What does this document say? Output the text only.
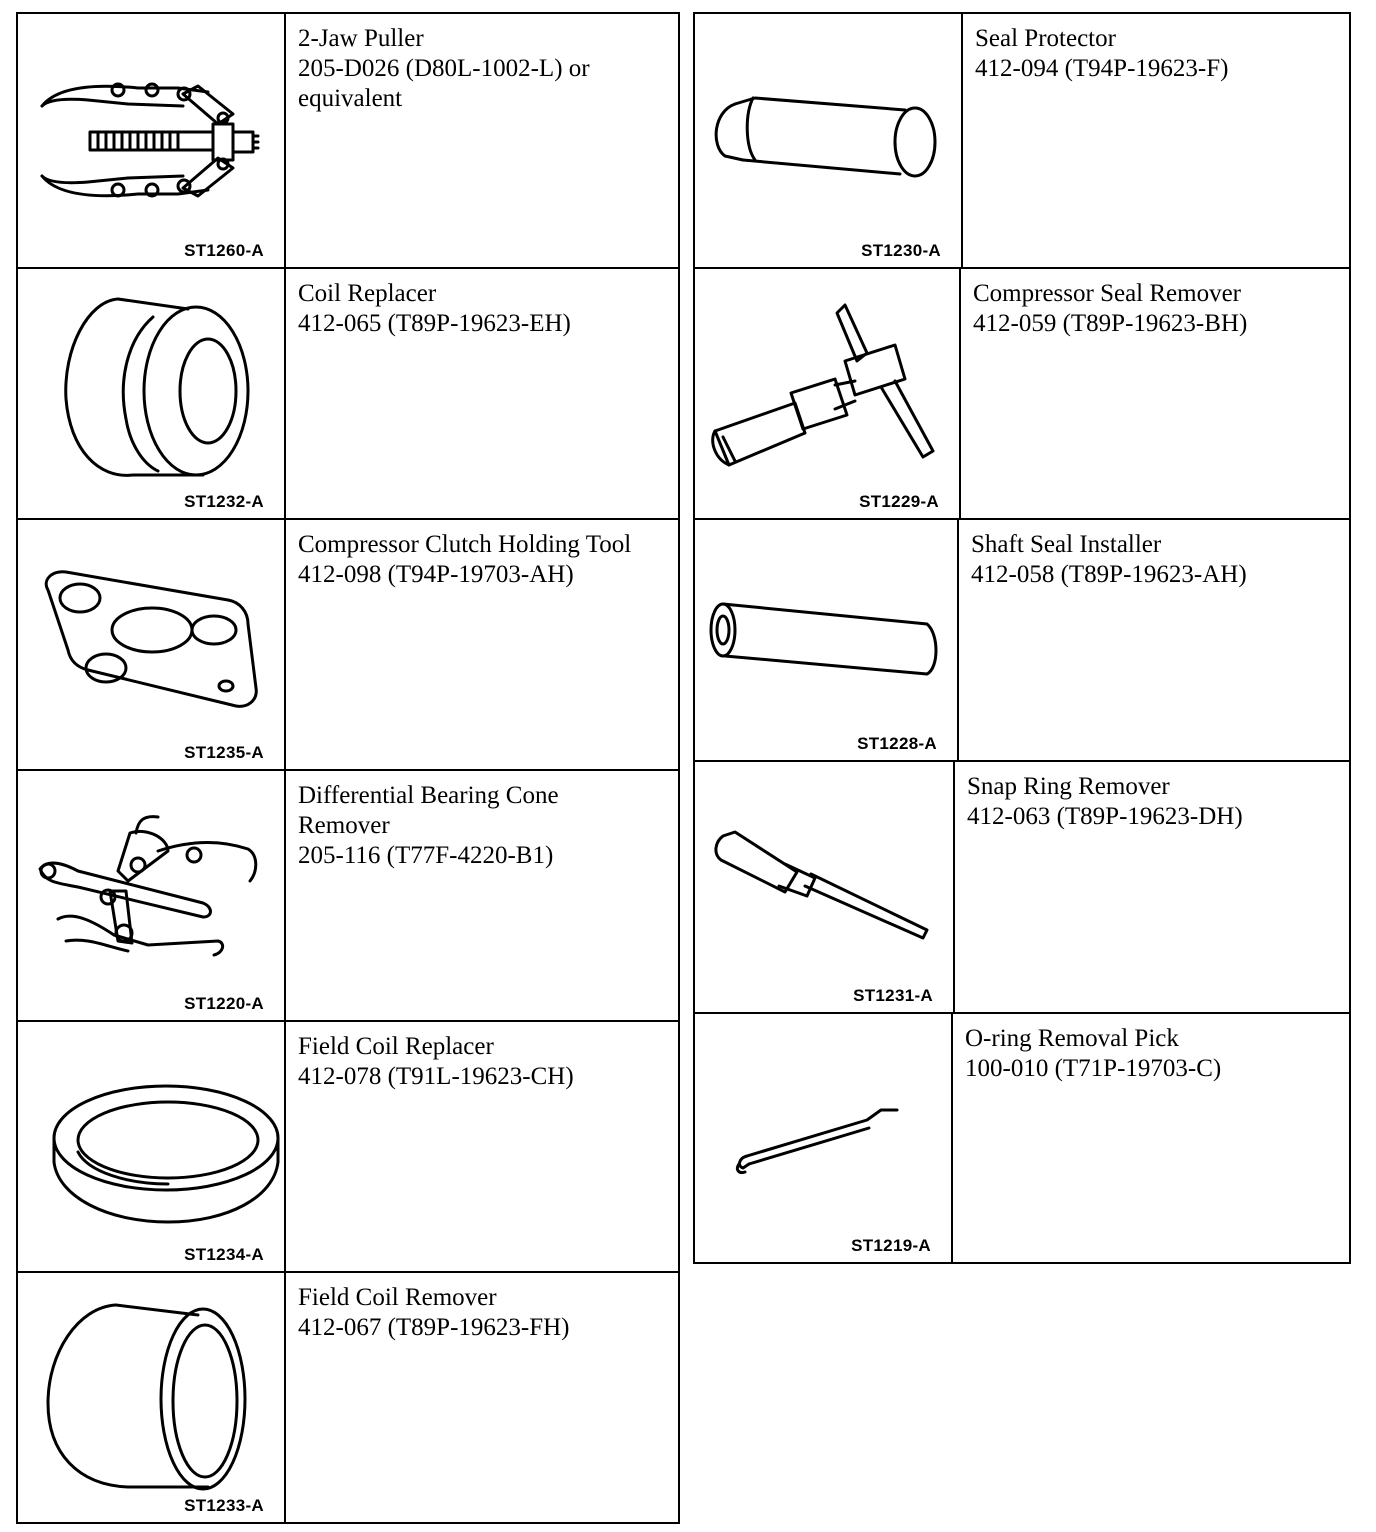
ST1260-A
2-Jaw Puller
205-D026 (D80L-1002-L) or
equivalent
ST1232-A
Coil Replacer
412-065 (T89P-19623-EH)
ST1235-A
Compressor Clutch Holding Tool
412-098 (T94P-19703-AH)
ST1220-A
Differential Bearing Cone
Remover
205-116 (T77F-4220-B1)
ST1234-A
Field Coil Replacer
412-078 (T91L-19623-CH)
ST1233-A
Field Coil Remover
412-067 (T89P-19623-FH)
ST1230-A
Seal Protector
412-094 (T94P-19623-F)
ST1229-A
Compressor Seal Remover
412-059 (T89P-19623-BH)
ST1228-A
Shaft Seal Installer
412-058 (T89P-19623-AH)
ST1231-A
Snap Ring Remover
412-063 (T89P-19623-DH)
ST1219-A
O-ring Removal Pick
100-010 (T71P-19703-C)
